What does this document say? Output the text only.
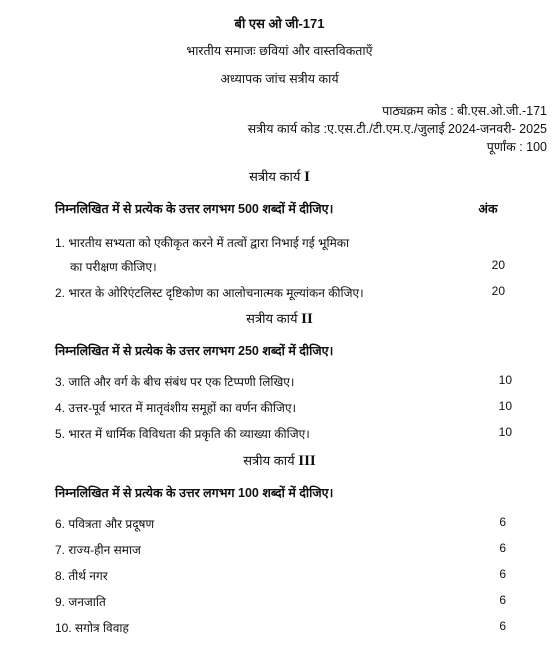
बी एस ओ जी-171
भारतीय समाजः छवियां और वास्तविकताएँ
अध्यापक जांच सत्रीय कार्य
पाठ्यक्रम कोड : बी.एस.ओ.जी.-171
सत्रीय कार्य कोड :ए.एस.टी./टी.एम.ए./जुलाई 2024-जनवरी- 2025
पूर्णांक : 100
सत्रीय कार्य I
निम्नलिखित में से प्रत्येक के उत्तर लगभग 500 शब्दों में दीजिए।	अंक
1. भारतीय सभ्यता को एकीकृत करने में तत्वों द्वारा निभाई गई भूमिका
का परीक्षण कीजिए।	20
2. भारत के ओरिएंटलिस्ट दृष्टिकोण का आलोचनात्मक मूल्यांकन कीजिए।	20
सत्रीय कार्य II
निम्नलिखित में से प्रत्येक के उत्तर लगभग 250 शब्दों में दीजिए।
3. जाति और वर्ग के बीच संबंध पर एक टिप्पणी लिखिए।	10
4. उत्तर-पूर्व भारत में मातृवंशीय समूहों का वर्णन कीजिए।	10
5. भारत में धार्मिक विविधता की प्रकृति की व्याख्या कीजिए।	10
सत्रीय कार्य III
निम्नलिखित में से प्रत्येक के उत्तर लगभग 100 शब्दों में दीजिए।
6. पवित्रता और प्रदूषण	6
7. राज्य-हीन समाज	6
8. तीर्थ नगर	6
9. जनजाति	6
10. सगोत्र विवाह	6
